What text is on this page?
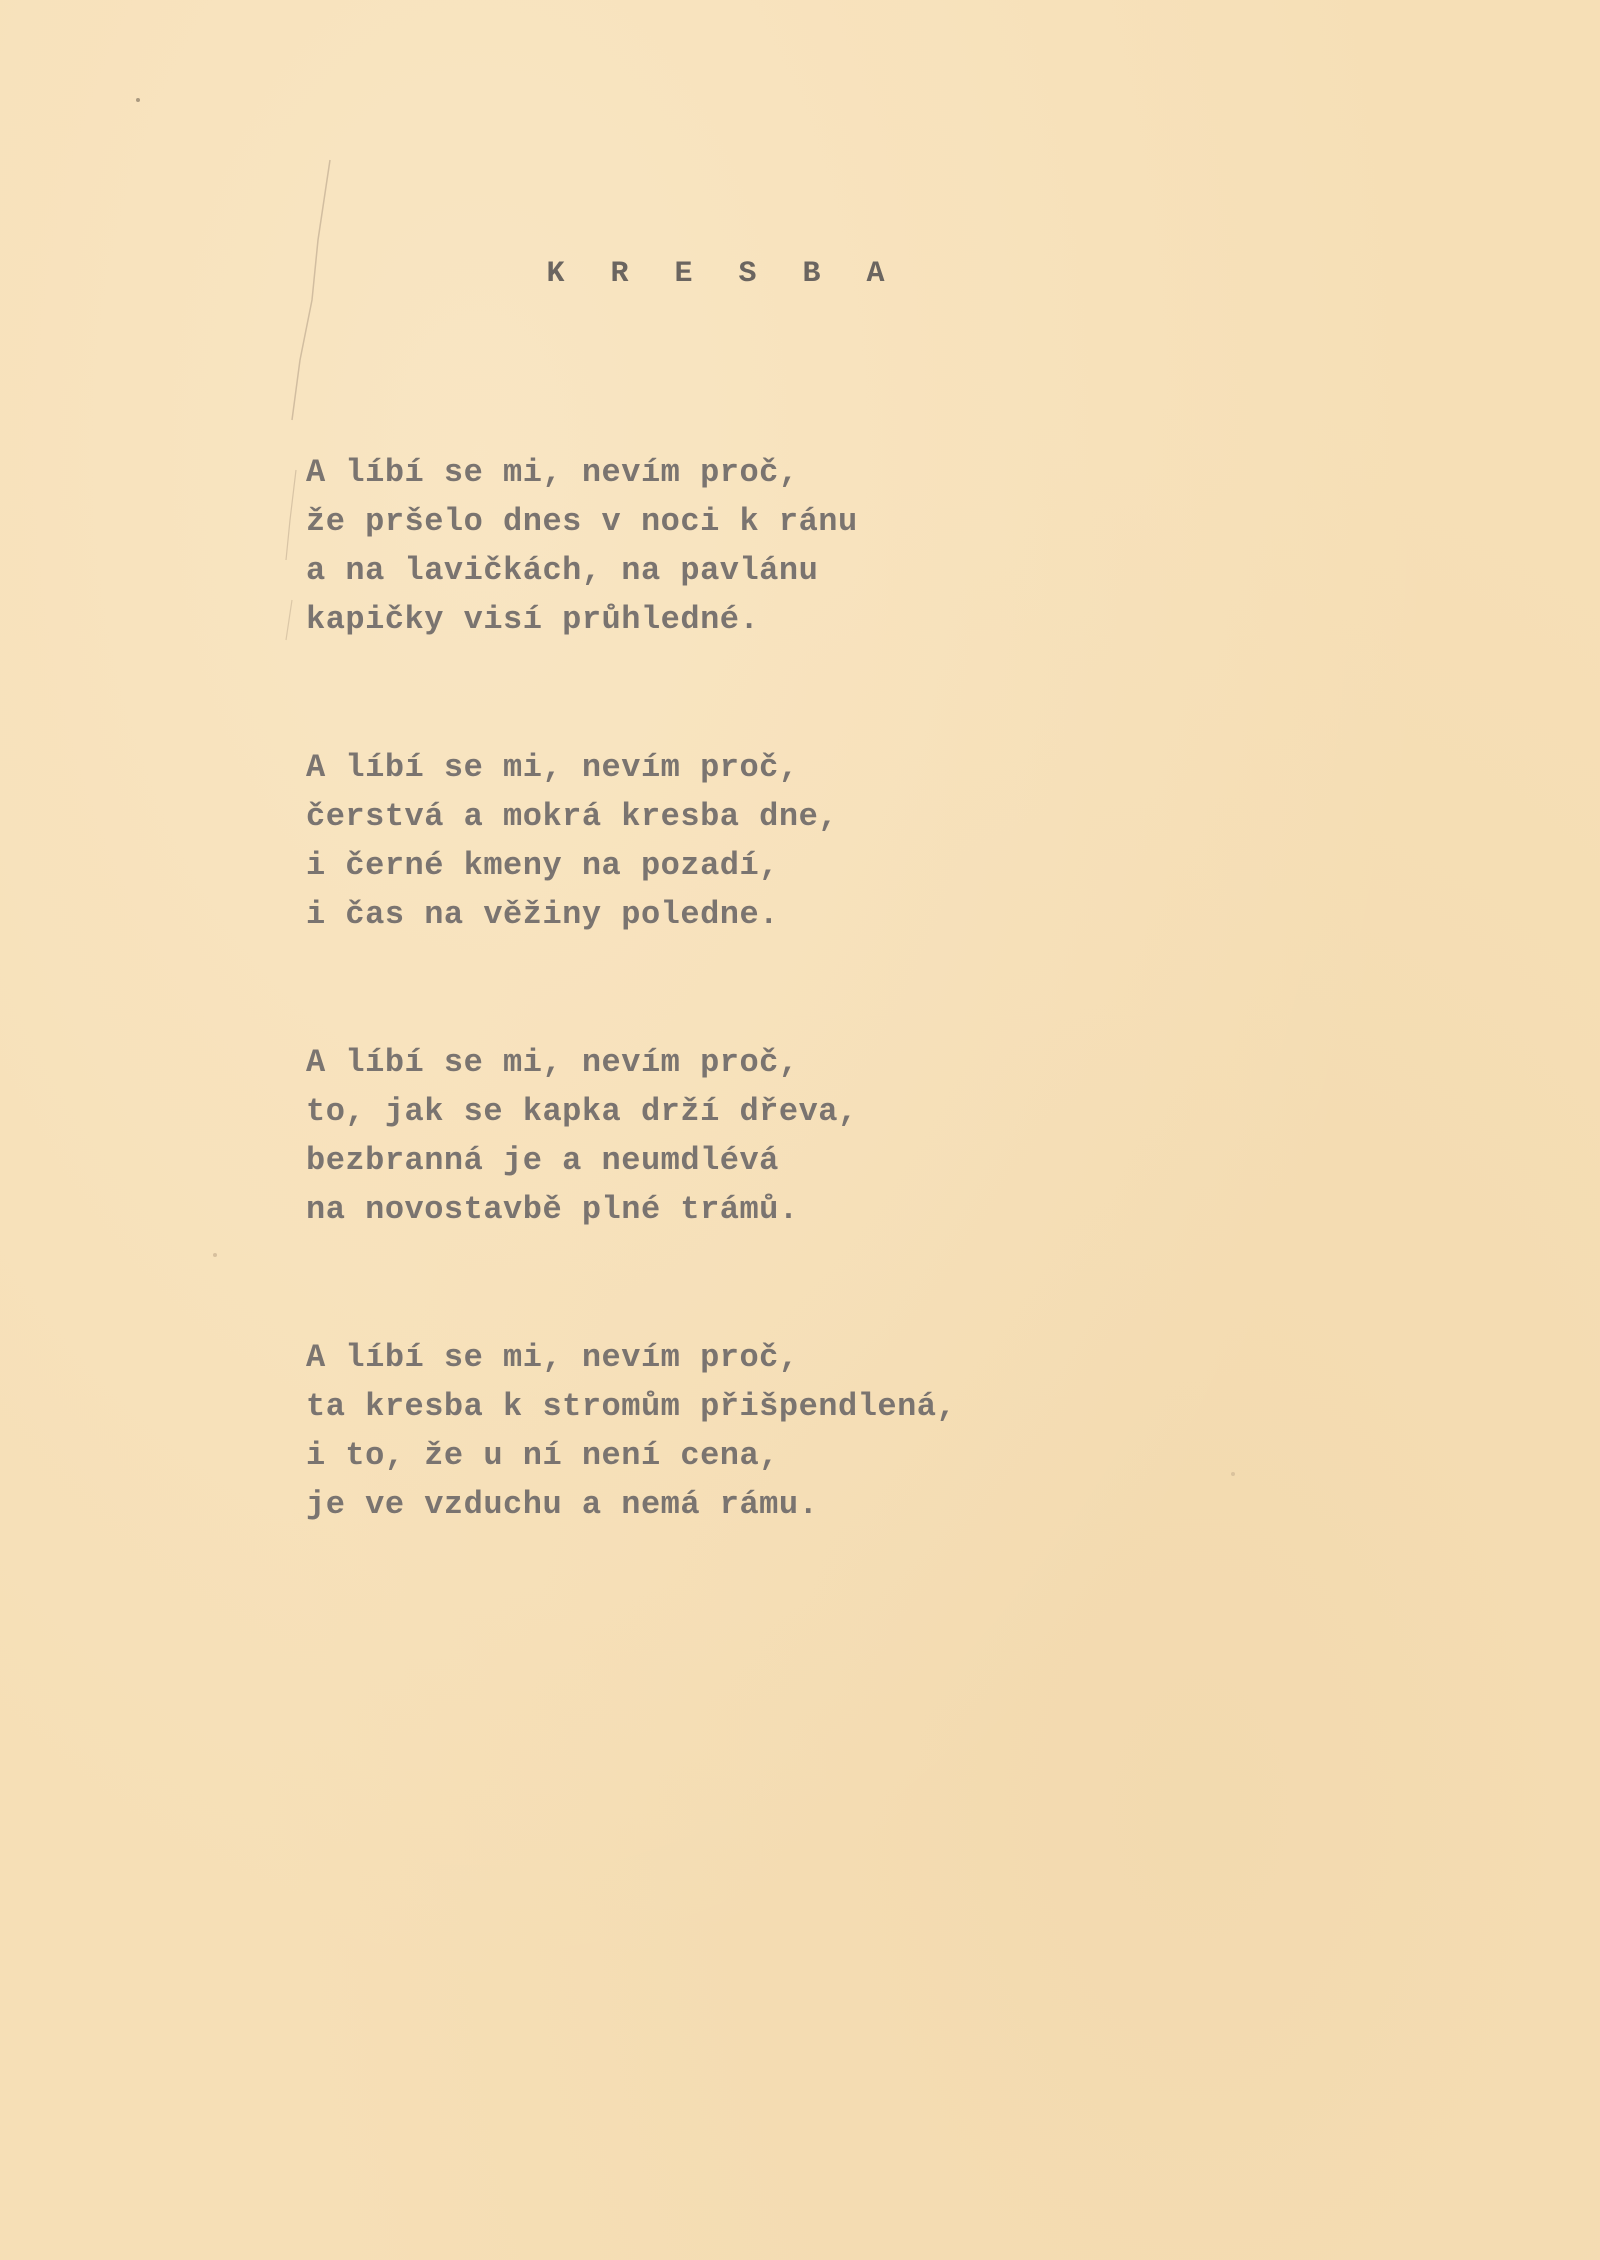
K R E S B A
A líbí se mi, nevím proč,
že pršelo dnes v noci k ránu
a na lavičkách, na pavlánu
kapičky visí průhledné.
A líbí se mi, nevím proč,
čerstvá a mokrá kresba dne,
i černé kmeny na pozadí,
i čas na věžiny poledne.
A líbí se mi, nevím proč,
to, jak se kapka drží dřeva,
bezbranná je a neumdlévá
na novostavbě plné trámů.
A líbí se mi, nevím proč,
ta kresba k stromům přišpendlená,
i to, že u ní není cena,
je ve vzduchu a nemá rámu.
